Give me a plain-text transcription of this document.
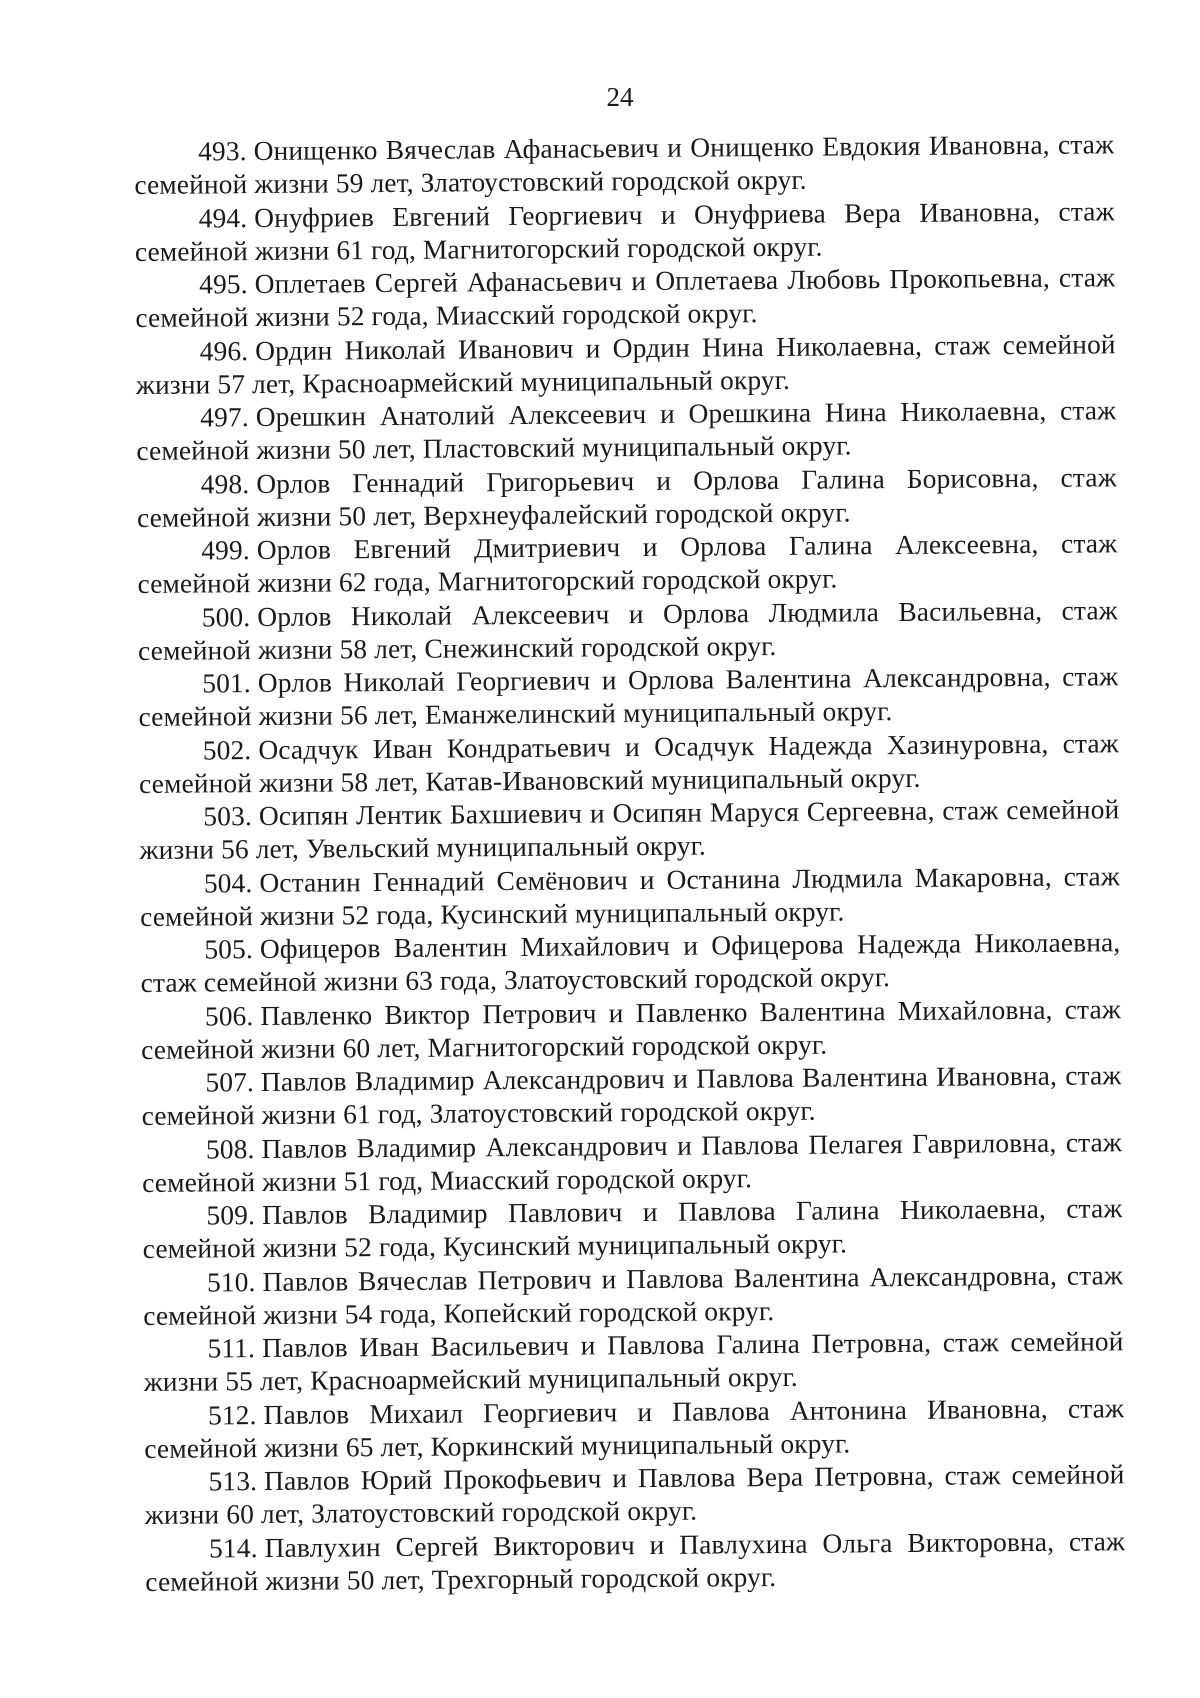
24

493. Онищенко Вячеслав Афанасьевич и Онищенко Евдокия Ивановна, стаж семейной жизни 59 лет, Златоустовский городской округ.

494. Онуфриев Евгений Георгиевич и Онуфриева Вера Ивановна, стаж семейной жизни 61 год, Магнитогорский городской округ.

495. Оплетаев Сергей Афанасьевич и Оплетаева Любовь Прокопьевна, стаж семейной жизни 52 года, Миасский городской округ.

496. Ордин Николай Иванович и Ордин Нина Николаевна, стаж семейной жизни 57 лет, Красноармейский муниципальный округ.

497. Орешкин Анатолий Алексеевич и Орешкина Нина Николаевна, стаж семейной жизни 50 лет, Пластовский муниципальный округ.

498. Орлов Геннадий Григорьевич и Орлова Галина Борисовна, стаж семейной жизни 50 лет, Верхнеуфалейский городской округ.

499. Орлов Евгений Дмитриевич и Орлова Галина Алексеевна, стаж семейной жизни 62 года, Магнитогорский городской округ.

500. Орлов Николай Алексеевич и Орлова Людмила Васильевна, стаж семейной жизни 58 лет, Снежинский городской округ.

501. Орлов Николай Георгиевич и Орлова Валентина Александровна, стаж семейной жизни 56 лет, Еманжелинский муниципальный округ.

502. Осадчук Иван Кондратьевич и Осадчук Надежда Хазинуровна, стаж семейной жизни 58 лет, Катав-Ивановский муниципальный округ.

503. Осипян Лентик Бахшиевич и Осипян Маруся Сергеевна, стаж семейной жизни 56 лет, Увельский муниципальный округ.

504. Останин Геннадий Семёнович и Останина Людмила Макаровна, стаж семейной жизни 52 года, Кусинский муниципальный округ.

505. Офицеров Валентин Михайлович и Офицерова Надежда Николаевна, стаж семейной жизни 63 года, Златоустовский городской округ.

506. Павленко Виктор Петрович и Павленко Валентина Михайловна, стаж семейной жизни 60 лет, Магнитогорский городской округ.

507. Павлов Владимир Александрович и Павлова Валентина Ивановна, стаж семейной жизни 61 год, Златоустовский городской округ.

508. Павлов Владимир Александрович и Павлова Пелагея Гавриловна, стаж семейной жизни 51 год, Миасский городской округ.

509. Павлов Владимир Павлович и Павлова Галина Николаевна, стаж семейной жизни 52 года, Кусинский муниципальный округ.

510. Павлов Вячеслав Петрович и Павлова Валентина Александровна, стаж семейной жизни 54 года, Копейский городской округ.

511. Павлов Иван Васильевич и Павлова Галина Петровна, стаж семейной жизни 55 лет, Красноармейский муниципальный округ.

512. Павлов Михаил Георгиевич и Павлова Антонина Ивановна, стаж семейной жизни 65 лет, Коркинский муниципальный округ.

513. Павлов Юрий Прокофьевич и Павлова Вера Петровна, стаж семейной жизни 60 лет, Златоустовский городской округ.

514. Павлухин Сергей Викторович и Павлухина Ольга Викторовна, стаж семейной жизни 50 лет, Трехгорный городской округ.
